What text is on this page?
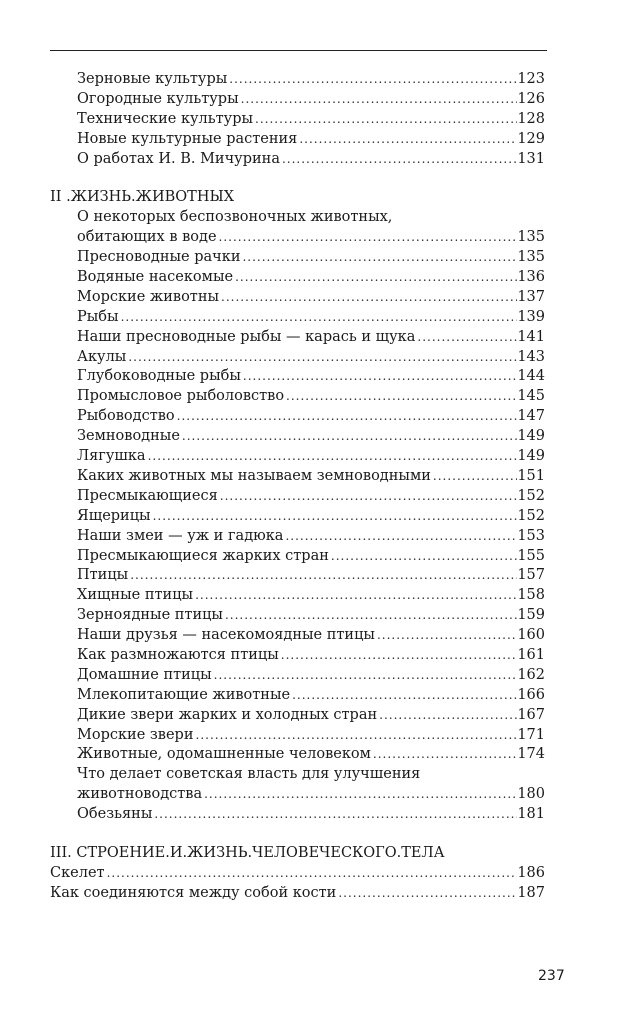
Зерновые культуры .....	123
Огородные культуры .....	126
Технические культуры .....	128
Новые культурные растения .....	129
О работах И. В. Мичурина .....	131
II .ЖИЗНЬ.ЖИВОТНЫХ
О некоторых беспозвоночных животных,
обитающих в воде .....	135
Пресноводные рачки .....	135
Водяные насекомые .....	136
Морские животны .....	137
Рыбы .....	139
Наши пресноводные рыбы — карась и щука .....	141
Акулы .....	143
Глубоководные рыбы .....	144
Промысловое рыболовство .....	145
Рыбоводство .....	147
Земноводные .....	149
Лягушка .....	149
Каких животных мы называем земноводными .....	151
Пресмыкающиеся .....	152
Ящерицы .....	152
Наши змеи — уж и гадюка .....	153
Пресмыкающиеся жарких стран .....	155
Птицы .....	157
Хищные птицы .....	158
Зерноядные птицы .....	159
Наши друзья — насекомоядные птицы .....	160
Как размножаются птицы .....	161
Домашние птицы .....	162
Млекопитающие животные .....	166
Дикие звери жарких и холодных стран .....	167
Морские звери .....	171
Животные, одомашненные человеком .....	174
Что делает советская власть для улучшения
животноводства .....	180
Обезьяны .....	181
III. СТРОЕНИЕ.И.ЖИЗНЬ.ЧЕЛОВЕЧЕСКОГО.ТЕЛА
Скелет .....	186
Как соединяются между собой кости .....	187
237
